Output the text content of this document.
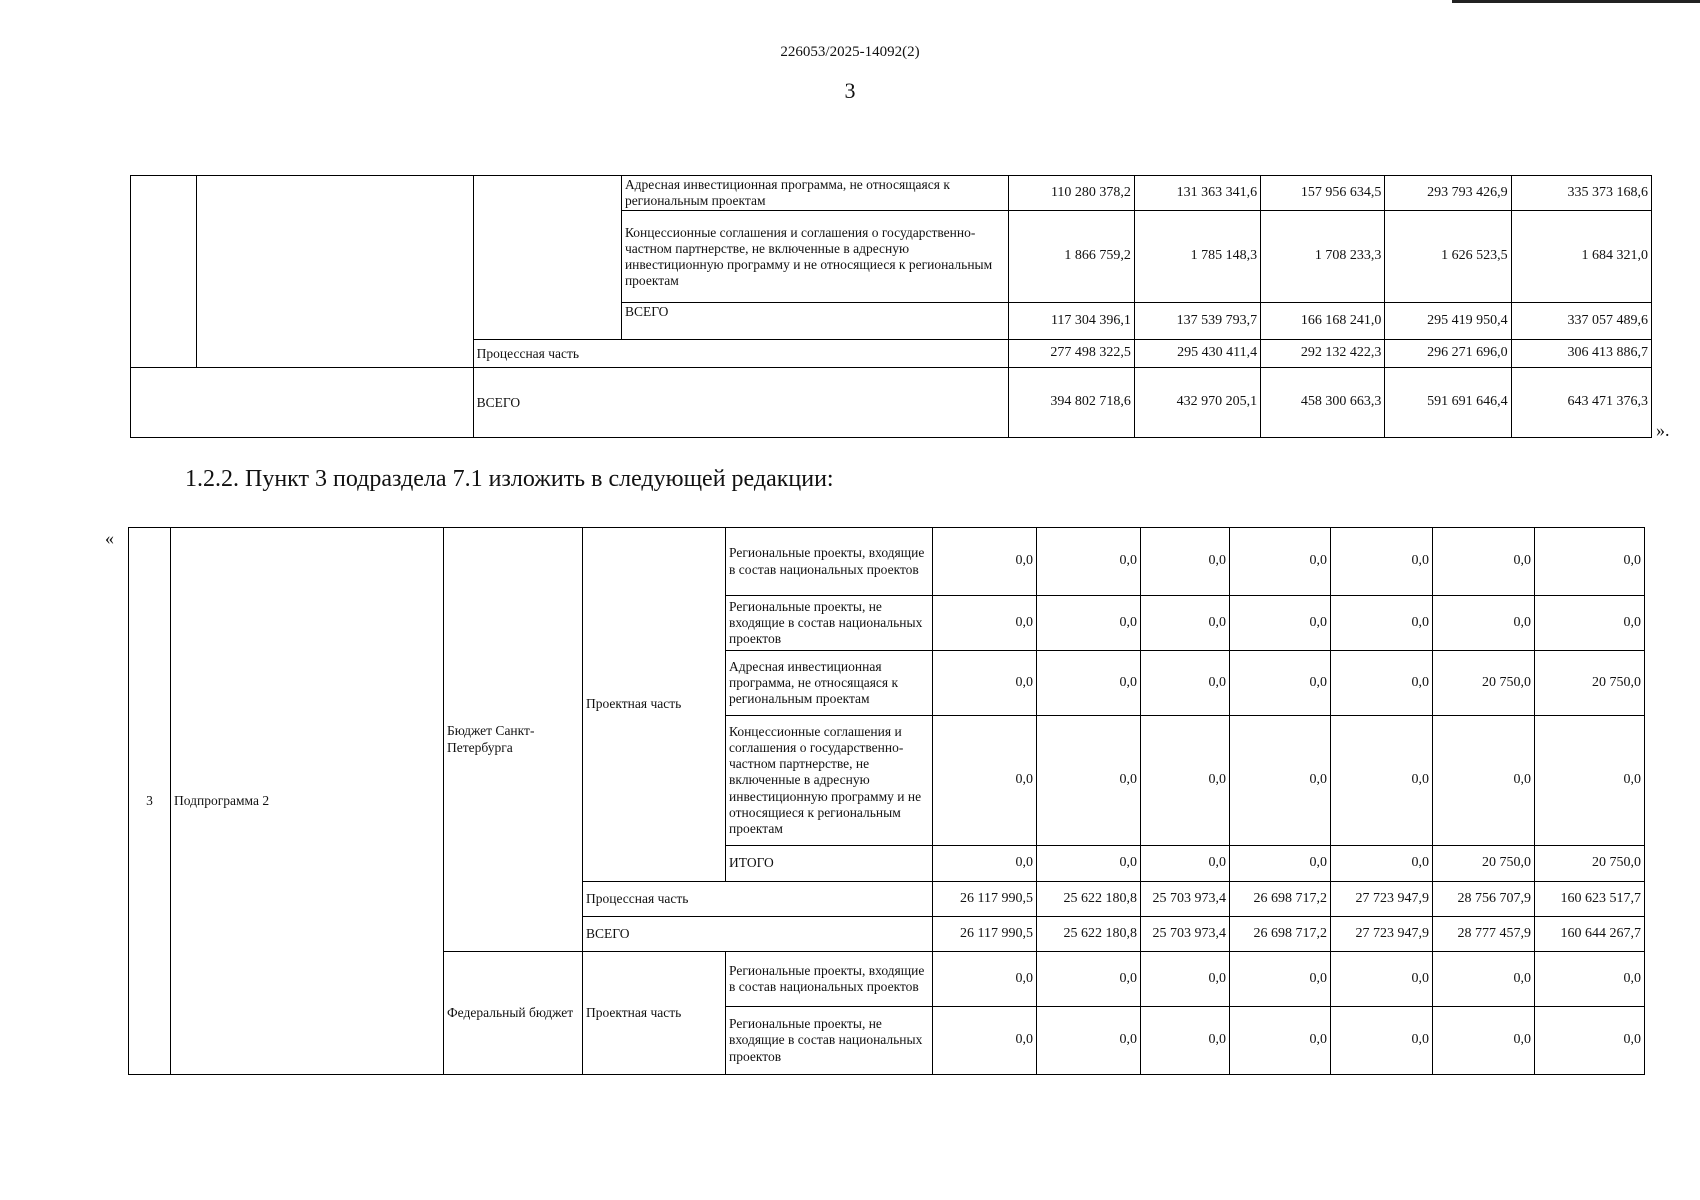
226053/2025-14092(2)
3
			Адресная инвестиционная программа, не относящаяся к региональным проектам	110 280 378,2	131 363 341,6	157 956 634,5	293 793 426,9	335 373 168,6
			Концессионные соглашения и соглашения о государственно-частном партнерстве, не включенные в адресную инвестиционную программу и не относящиеся к региональным проектам	1 866 759,2	1 785 148,3	1 708 233,3	1 626 523,5	1 684 321,0
			ВСЕГО	117 304 396,1	137 539 793,7	166 168 241,0	295 419 950,4	337 057 489,6
		Процессная часть		277 498 322,5	295 430 411,4	292 132 422,3	296 271 696,0	306 413 886,7
		ВСЕГО		394 802 718,6	432 970 205,1	458 300 663,3	591 691 646,4	643 471 376,3
».
1.2.2. Пункт 3 подраздела 7.1 изложить в следующей редакции:
«
3	Подпрограмма 2	Бюджет Санкт-Петербурга	Проектная часть	Региональные проекты, входящие в состав национальных проектов	0,0	0,0	0,0	0,0	0,0	0,0	0,0
				Региональные проекты, не входящие в состав национальных проектов	0,0	0,0	0,0	0,0	0,0	0,0	0,0
				Адресная инвестиционная программа, не относящаяся к региональным проектам	0,0	0,0	0,0	0,0	0,0	20 750,0	20 750,0
				Концессионные соглашения и соглашения о государственно-частном партнерстве, не включенные в адресную инвестиционную программу и не относящиеся к региональным проектам	0,0	0,0	0,0	0,0	0,0	0,0	0,0
				ИТОГО	0,0	0,0	0,0	0,0	0,0	20 750,0	20 750,0
			Процессная часть		26 117 990,5	25 622 180,8	25 703 973,4	26 698 717,2	27 723 947,9	28 756 707,9	160 623 517,7
			ВСЕГО		26 117 990,5	25 622 180,8	25 703 973,4	26 698 717,2	27 723 947,9	28 777 457,9	160 644 267,7
		Федеральный бюджет	Проектная часть	Региональные проекты, входящие в состав национальных проектов	0,0	0,0	0,0	0,0	0,0	0,0	0,0
				Региональные проекты, не входящие в состав национальных проектов	0,0	0,0	0,0	0,0	0,0	0,0	0,0
